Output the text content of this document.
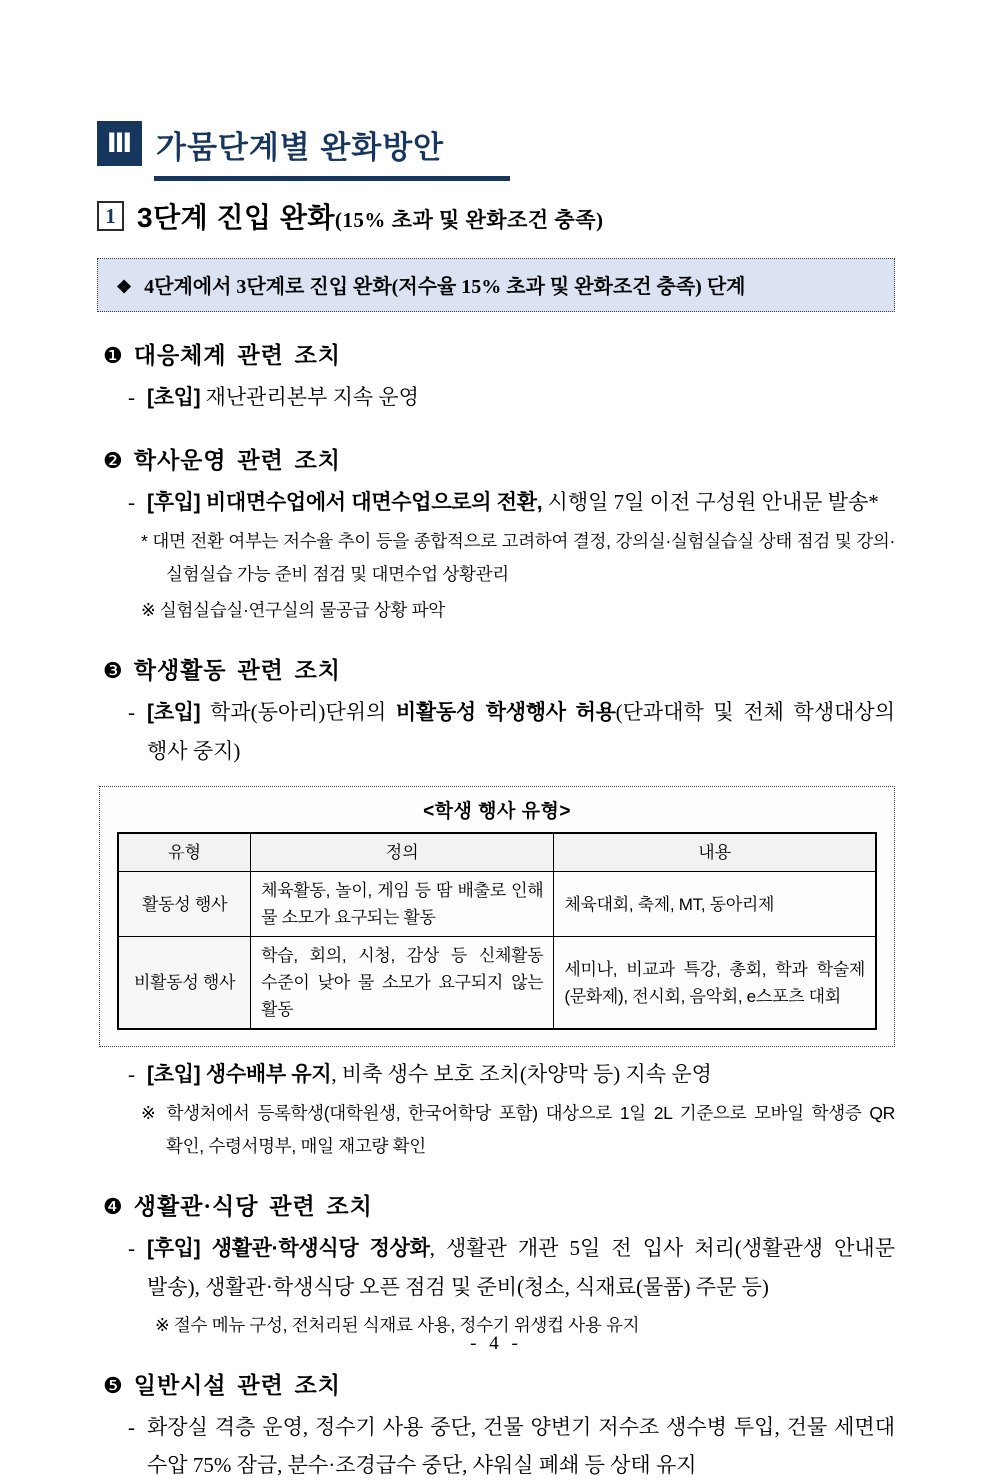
Ⅲ 가뭄단계별 완화방안
1 3단계 진입 완화 (15% 초과 및 완화조건 충족)
❖ 4단계에서 3단계로 진입 완화(저수율 15% 초과 및 완화조건 충족) 단계
❶ 대응체계 관련 조치
- [초입] 재난관리본부 지속 운영
❷ 학사운영 관련 조치
- [후입] 비대면수업에서 대면수업으로의 전환, 시행일 7일 이전 구성원 안내문 발송*
* 대면 전환 여부는 저수율 추이 등을 종합적으로 고려하여 결정, 강의실·실험실습실 상태 점검 및 강의·실험실습 가능 준비 점검 및 대면수업 상황관리
※ 실험실습실·연구실의 물공급 상황 파악
❸ 학생활동 관련 조치
- [초입] 학과(동아리)단위의 비활동성 학생행사 허용(단과대학 및 전체 학생대상의 행사 중지)
<학생 행사 유형>
유형	정의	내용
활동성 행사	체육활동, 놀이, 게임 등 땀 배출로 인해 물 소모가 요구되는 활동	체육대회, 축제, MT, 동아리제
비활동성 행사	학습, 회의, 시청, 감상 등 신체활동 수준이 낮아 물 소모가 요구되지 않는 활동	세미나, 비교과 특강, 총회, 학과 학술제(문화제), 전시회, 음악회, e스포츠 대회
- [초입] 생수배부 유지, 비축 생수 보호 조치(차양막 등) 지속 운영
※ 학생처에서 등록학생(대학원생, 한국어학당 포함) 대상으로 1일 2L 기준으로 모바일 학생증 QR 확인, 수령서명부, 매일 재고량 확인
❹ 생활관·식당 관련 조치
- [후입] 생활관·학생식당 정상화, 생활관 개관 5일 전 입사 처리(생활관생 안내문 발송), 생활관·학생식당 오픈 점검 및 준비(청소, 식재료(물품) 주문 등)
※ 절수 메뉴 구성, 전처리된 식재료 사용, 정수기 위생컵 사용 유지
❺ 일반시설 관련 조치
- 화장실 격층 운영, 정수기 사용 중단, 건물 양변기 저수조 생수병 투입, 건물 세면대 수압 75% 잠금, 분수·조경급수 중단, 샤워실 폐쇄 등 상태 유지
- 4 -
